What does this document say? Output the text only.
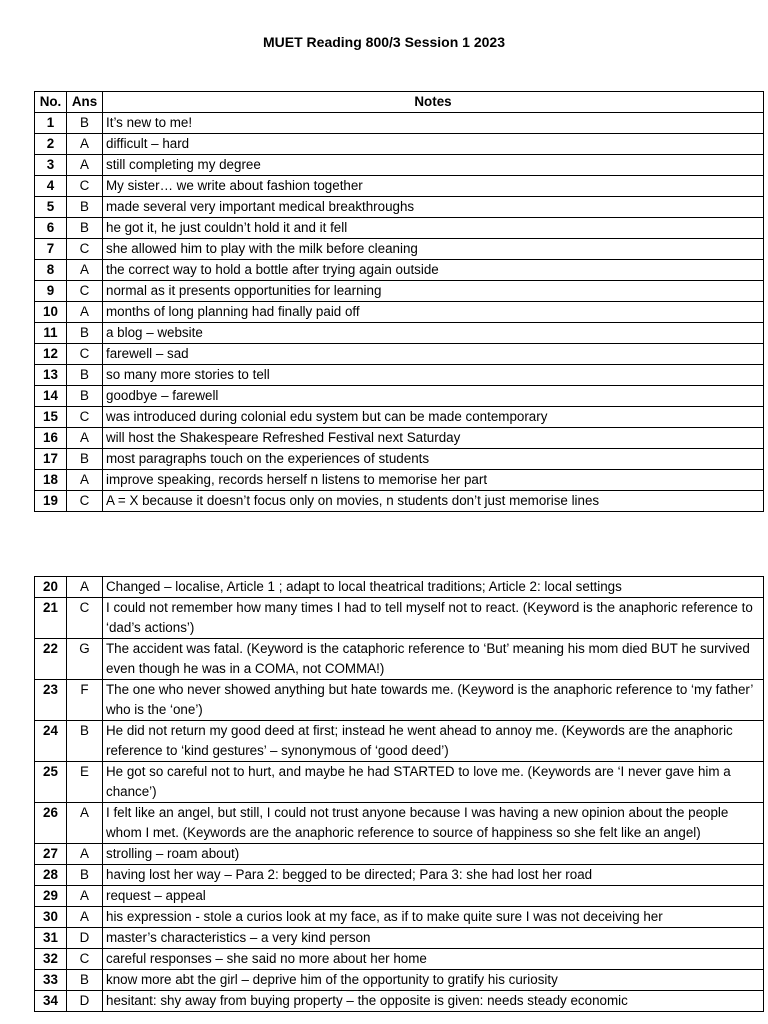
MUET Reading 800/3 Session 1 2023
No.	Ans	Notes
1	B	It’s new to me!
2	A	difficult – hard
3	A	still completing my degree
4	C	My sister… we write about fashion together
5	B	made several very important medical breakthroughs
6	B	he got it, he just couldn’t hold it and it fell
7	C	she allowed him to play with the milk before cleaning
8	A	the correct way to hold a bottle after trying again outside
9	C	normal as it presents opportunities for learning
10	A	months of long planning had finally paid off
11	B	a blog – website
12	C	farewell – sad
13	B	so many more stories to tell
14	B	goodbye – farewell
15	C	was introduced during colonial edu system but can be made contemporary
16	A	will host the Shakespeare Refreshed Festival next Saturday
17	B	most paragraphs touch on the experiences of students
18	A	improve speaking, records herself n listens to memorise her part
19	C	A = X because it doesn’t focus only on movies, n students don’t just memorise lines
20	A	Changed – localise, Article 1 ; adapt to local theatrical traditions; Article 2: local settings
21	C	I could not remember how many times I had to tell myself not to react. (Keyword is the anaphoric reference to ‘dad’s actions’)
22	G	The accident was fatal. (Keyword is the cataphoric reference to ‘But’ meaning his mom died BUT he survived even though he was in a COMA, not COMMA!)
23	F	The one who never showed anything but hate towards me. (Keyword is the anaphoric reference to ‘my father’ who is the ‘one’)
24	B	He did not return my good deed at first; instead he went ahead to annoy me. (Keywords are the anaphoric reference to ‘kind gestures’ – synonymous of ‘good deed’)
25	E	He got so careful not to hurt, and maybe he had STARTED to love me. (Keywords are ‘I never gave him a chance’)
26	A	I felt like an angel, but still, I could not trust anyone because I was having a new opinion about the people whom I met. (Keywords are the anaphoric reference to source of happiness so she felt like an angel)
27	A	strolling – roam about)
28	B	having lost her way – Para 2: begged to be directed; Para 3: she had lost her road
29	A	request – appeal
30	A	his expression - stole a curios look at my face, as if to make quite sure I was not deceiving her
31	D	master’s characteristics – a very kind person
32	C	careful responses – she said no more about her home
33	B	know more abt the girl – deprive him of the opportunity to gratify his curiosity
34	D	hesitant: shy away from buying property – the opposite is given: needs steady economic
